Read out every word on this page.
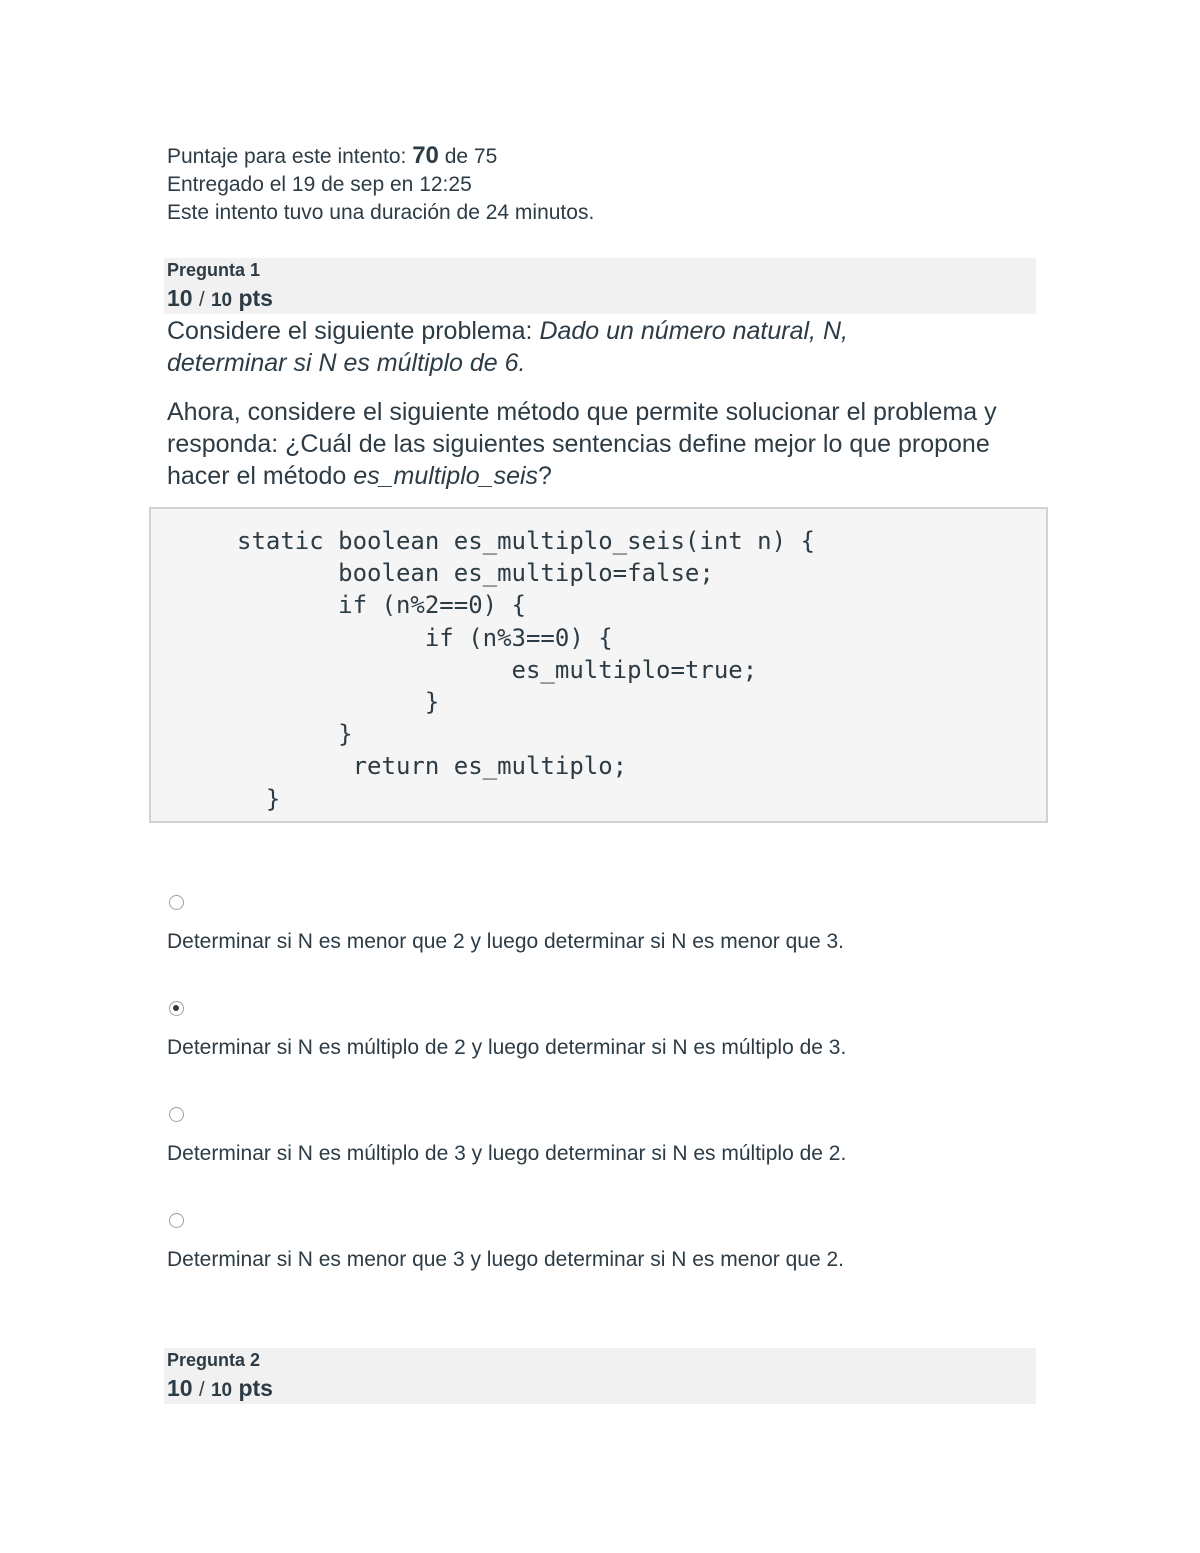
Puntaje para este intento: 70 de 75
Entregado el 19 de sep en 12:25
Este intento tuvo una duración de 24 minutos.
Pregunta 1
10 / 10 pts
Considere el siguiente problema: Dado un número natural, N, determinar si N es múltiplo de 6.
Ahora, considere el siguiente método que permite solucionar el problema y responda: ¿Cuál de las siguientes sentencias define mejor lo que propone hacer el método es_multiplo_seis?
static boolean es_multiplo_seis(int n) {
boolean es_multiplo=false;
if (n%2==0) {
if (n%3==0) {
es_multiplo=true;
}
}
return es_multiplo;
}
Determinar si N es menor que 2 y luego determinar si N es menor que 3.
Determinar si N es múltiplo de 2 y luego determinar si N es múltiplo de 3.
Determinar si N es múltiplo de 3 y luego determinar si N es múltiplo de 2.
Determinar si N es menor que 3 y luego determinar si N es menor que 2.
Pregunta 2
10 / 10 pts
